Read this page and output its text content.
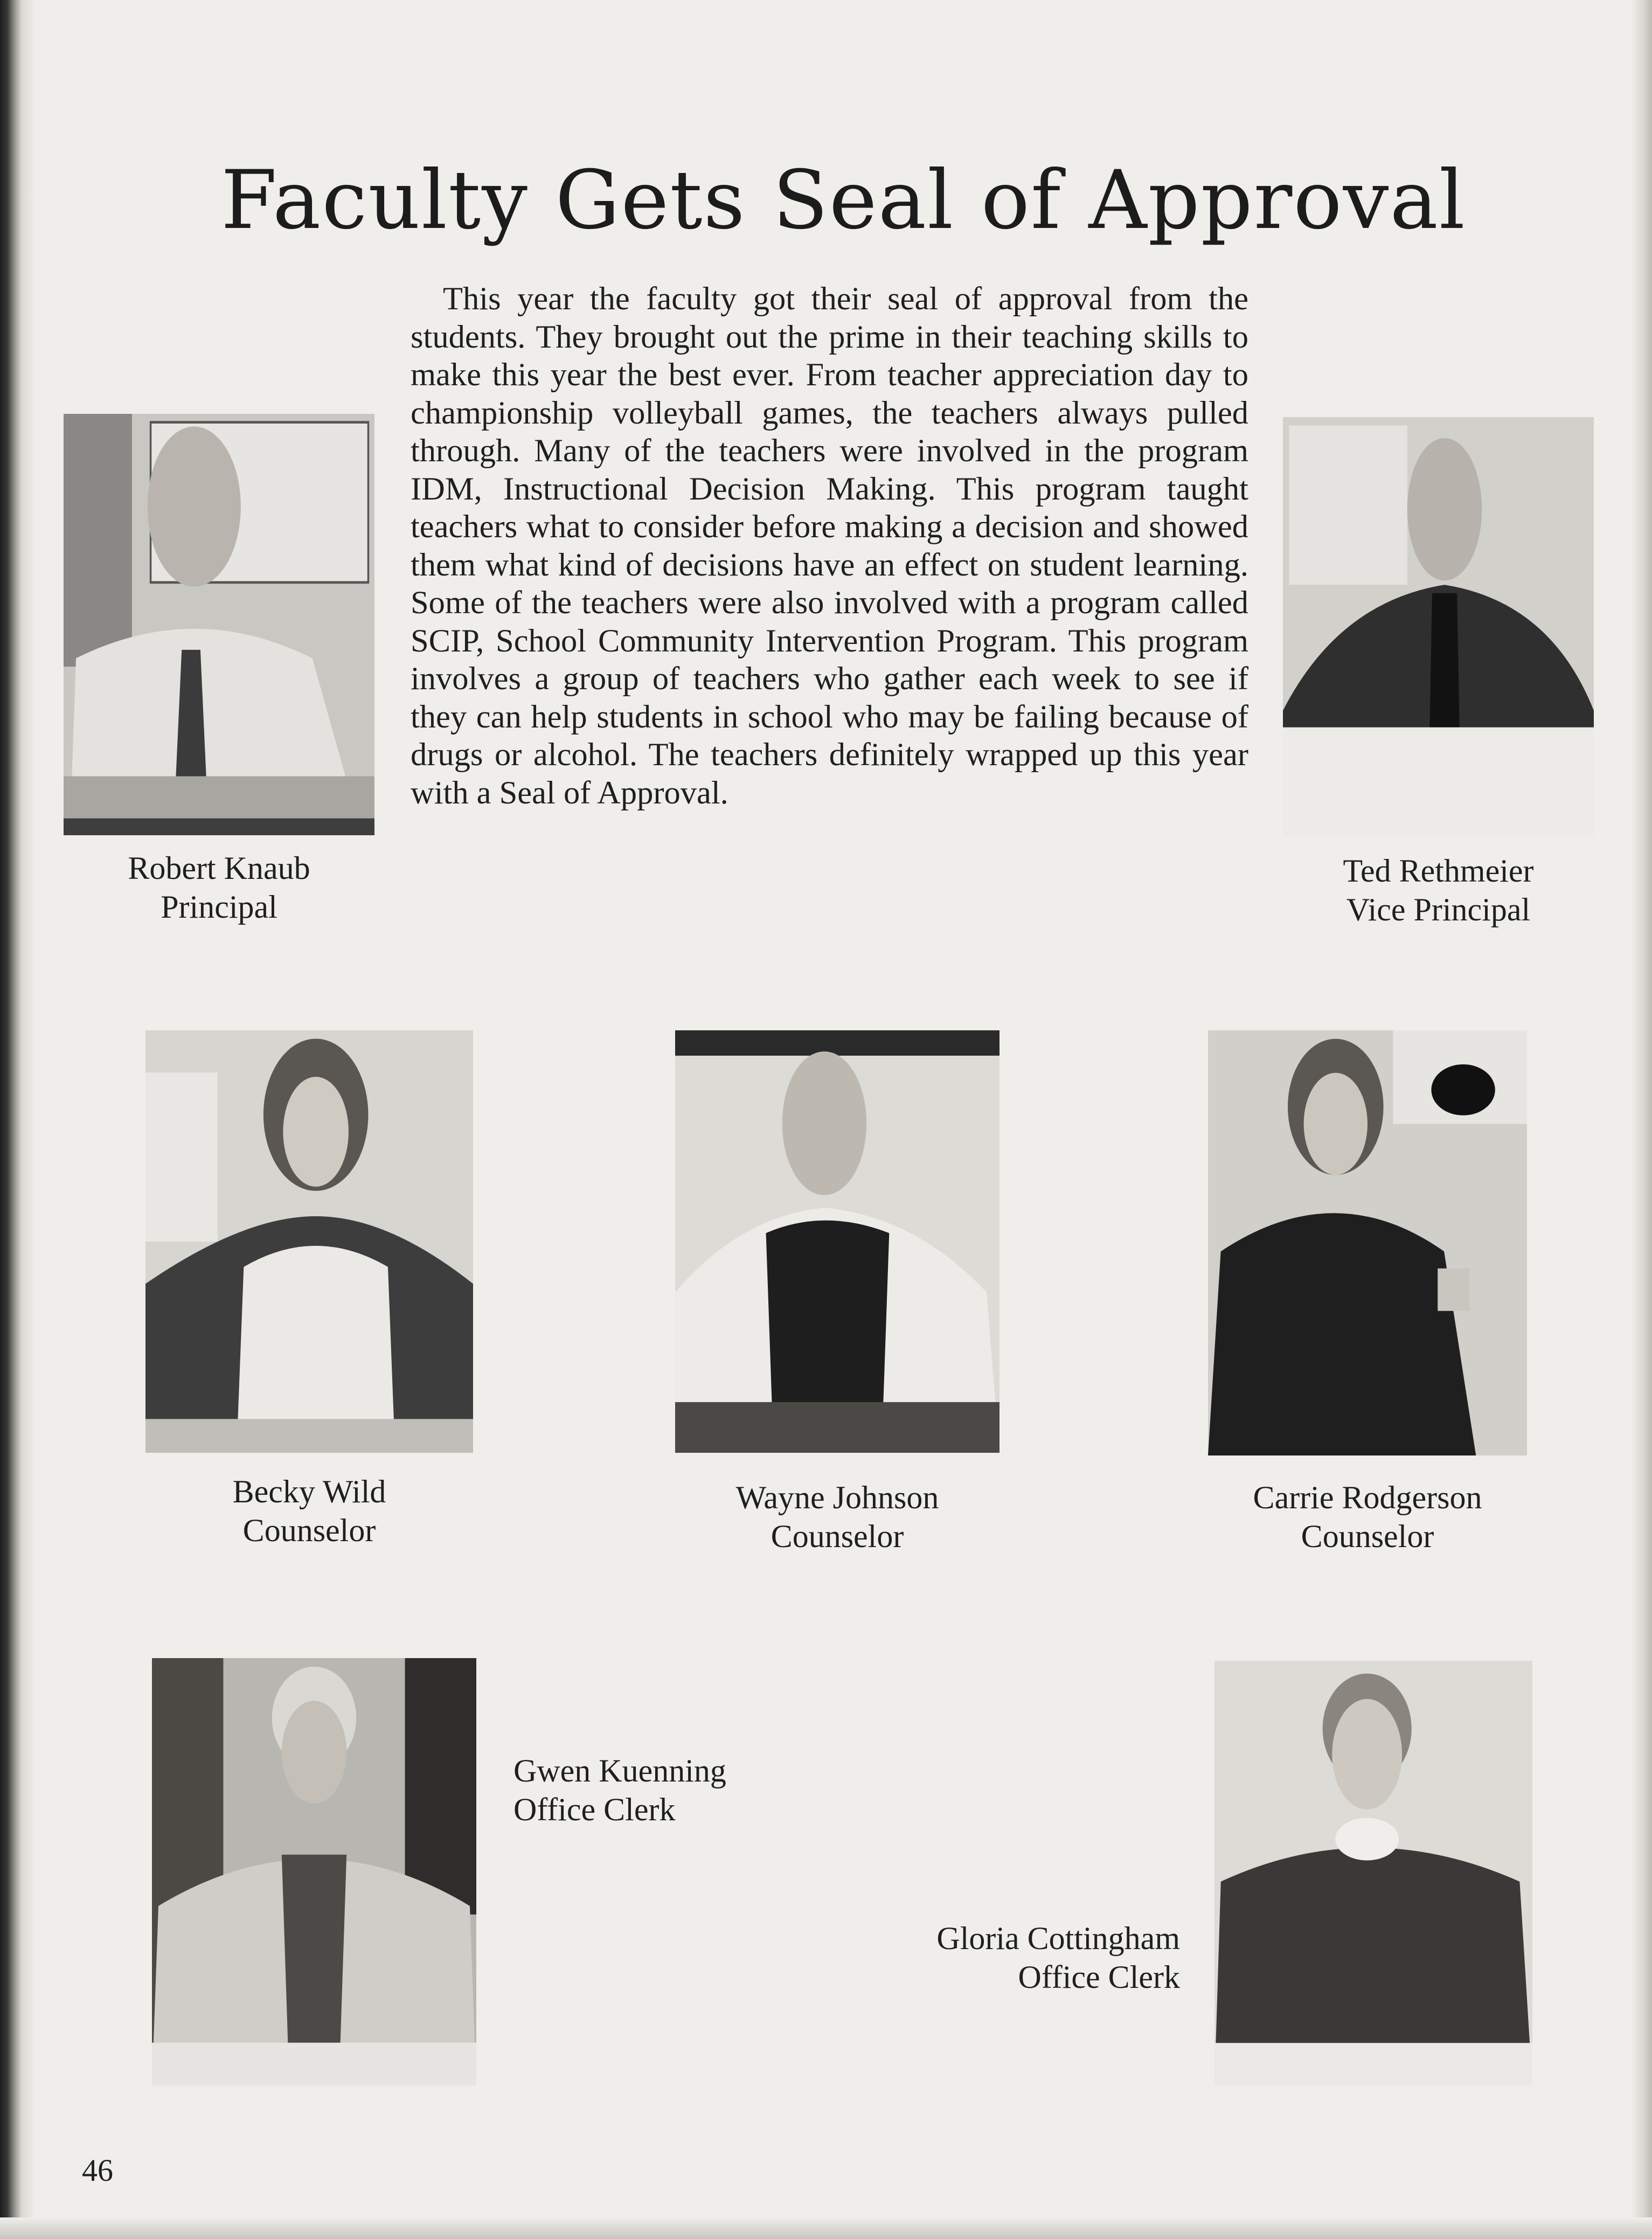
Faculty Gets Seal of Approval

This year the faculty got their seal of approval from the students. They brought out the prime in their teaching skills to make this year the best ever. From teacher appreciation day to championship volleyball games, the teachers always pulled through. Many of the teachers were involved in the program IDM, Instructional Decision Making. This program taught teachers what to consider before making a decision and showed them what kind of decisions have an effect on student learning. Some of the teachers were also involved with a program called SCIP, School Community Intervention Program. This program involves a group of teachers who gather each week to see if they can help students in school who may be failing because of drugs or alcohol. The teachers definitely wrapped up this year with a Seal of Approval.

Robert Knaub
Principal
Ted Rethmeier
Vice Principal
Becky Wild
Counselor
Wayne Johnson
Counselor
Carrie Rodgerson
Counselor
Gwen Kuenning
Office Clerk
Gloria Cottingham
Office Clerk
46
